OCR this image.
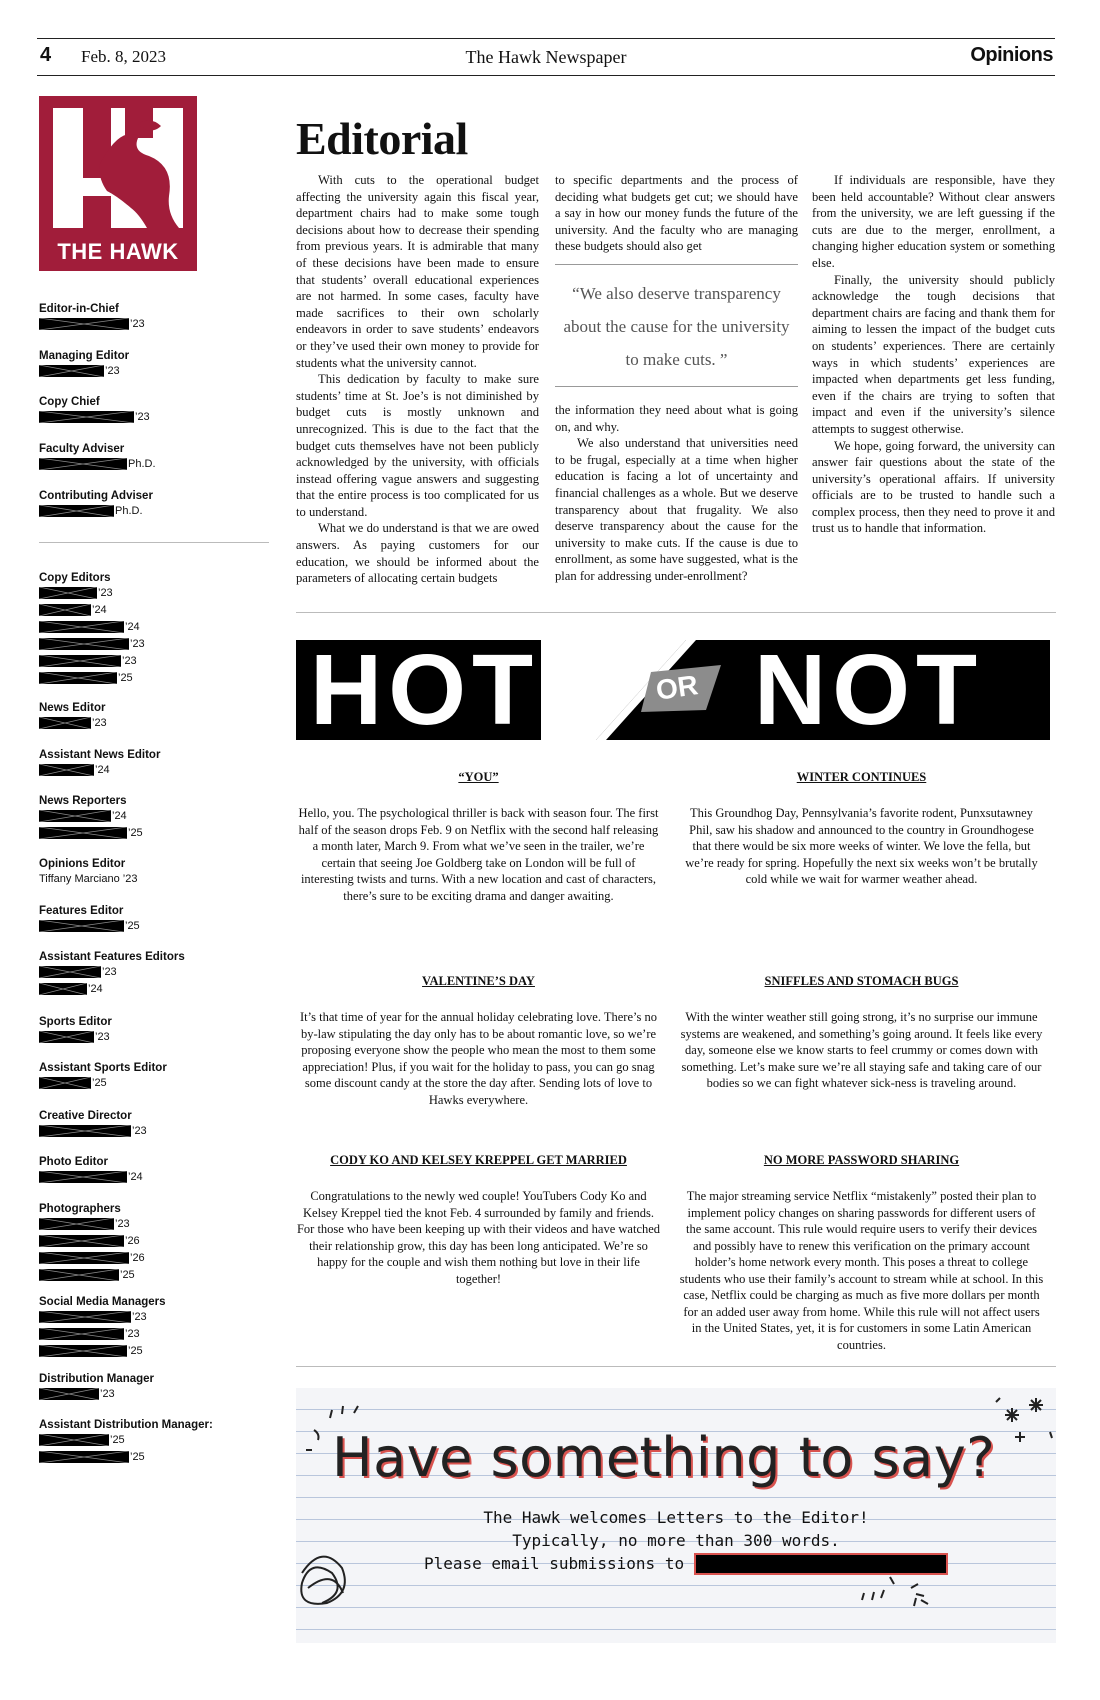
4 Feb. 8, 2023	The Hawk Newspaper	Opinions
THE HAWK
Editor-in-Chief
’23
Managing Editor
’23
Copy Chief
’23
Faculty Adviser
Ph.D.
Contributing Adviser
Ph.D.
Copy Editors
’23
’24
’24
’23
’23
’25
News Editor
’23
Assistant News Editor
’24
News Reporters
’24
’25
Opinions Editor
Tiffany Marciano ’23
Features Editor
’25
Assistant Features Editors
’23
’24
Sports Editor
’23
Assistant Sports Editor
’25
Creative Director
’23
Photo Editor
’24
Photographers
’23
’26
’26
’25
Social Media Managers
’23
’23
’25
Distribution Manager
’23
Assistant Distribution Manager:
’25
’25
Editorial

With cuts to the operational budget affecting the university again this fiscal year, department chairs had to make some tough decisions about how to decrease their spending from previous years. It is admirable that many of these decisions have been made to ensure that students’ overall educational experiences are not harmed. In some cases, faculty have made sacrifices to their own scholarly endeavors in order to save students’ endeavors or they’ve used their own money to provide for students what the university cannot.

This dedication by faculty to make sure students’ time at St. Joe’s is not diminished by budget cuts is mostly unknown and unrecognized. This is due to the fact that the budget cuts themselves have not been publicly acknowledged by the university, with officials instead offering vague answers and suggesting that the entire process is too complicated for us to understand.

What we do understand is that we are owed answers. As paying customers for our education, we should be informed about the parameters of allocating certain budgets

to specific departments and the process of deciding what budgets get cut; we should have a say in how our money funds the future of the university. And the faculty who are managing these budgets should also get

“We also deserve transparency about the cause for the university to make cuts. ”

the information they need about what is going on, and why.

We also understand that universities need to be frugal, especially at a time when higher education is facing a lot of uncertainty and financial challenges as a whole. But we deserve transparency about that frugality. We also deserve transparency about the cause for the university to make cuts. If the cause is due to enrollment, as some have suggested, what is the plan for addressing under-enrollment?

If individuals are responsible, have they been held accountable? Without clear answers from the university, we are left guessing if the cuts are due to the merger, enrollment, a changing higher education system or something else.

Finally, the university should publicly acknowledge the tough decisions that department chairs are facing and thank them for aiming to lessen the impact of the budget cuts on students’ experiences. There are certainly ways in which students’ experiences are impacted when departments get less funding, even if the chairs are trying to soften that impact and even if the university’s silence attempts to suggest otherwise.

We hope, going forward, the university can answer fair questions about the state of the university’s operational affairs. If university officials are to be trusted to handle such a complex process, then they need to prove it and trust us to handle that information.

HOT	OR NOT
“YOU”
Hello, you. The psychological thriller is back with season four. The first half of the season drops Feb. 9 on Netflix with the second half releasing a month later, March 9. From what we’ve seen in the trailer, we’re certain that seeing Joe Goldberg take on London will be full of interesting twists and turns. With a new location and cast of characters, there’s sure to be exciting drama and danger awaiting.
WINTER CONTINUES
This Groundhog Day, Pennsylvania’s favorite rodent, Punxsutawney Phil, saw his shadow and announced to the country in Groundhogese that there would be six more weeks of winter. We love the fella, but we’re ready for spring. Hopefully the next six weeks won’t be brutally cold while we wait for warmer weather ahead.
VALENTINE’S DAY
It’s that time of year for the annual holiday celebrating love. There’s no by-law stipulating the day only has to be about romantic love, so we’re proposing everyone show the people who mean the most to them some appreciation! Plus, if you wait for the holiday to pass, you can go snag some discount candy at the store the day after. Sending lots of love to Hawks everywhere.
SNIFFLES AND STOMACH BUGS
With the winter weather still going strong, it’s no surprise our immune systems are weakened, and something’s going around. It feels like every day, someone else we know starts to feel crummy or comes down with something. Let’s make sure we’re all staying safe and taking care of our bodies so we can fight whatever sick-ness is traveling around.
CODY KO AND KELSEY KREPPEL GET MARRIED
Congratulations to the newly wed couple! YouTubers Cody Ko and Kelsey Kreppel tied the knot Feb. 4 surrounded by family and friends. For those who have been keeping up with their videos and have watched their relationship grow, this day has been long anticipated. We’re so happy for the couple and wish them nothing but love in their life together!
NO MORE PASSWORD SHARING
The major streaming service Netflix “mistakenly” posted their plan to implement policy changes on sharing passwords for different users of the same account. This rule would require users to verify their devices and possibly have to renew this verification on the primary account holder’s home network every month. This poses a threat to college students who use their family’s account to stream while at school. In this case, Netflix could be charging as much as five more dollars per month for an added user away from home. While this rule will not affect users in the United States, yet, it is for customers in some Latin American countries.
Have something to say?
The Hawk welcomes Letters to the Editor!
Typically, no more than 300 words.
Please email submissions to
